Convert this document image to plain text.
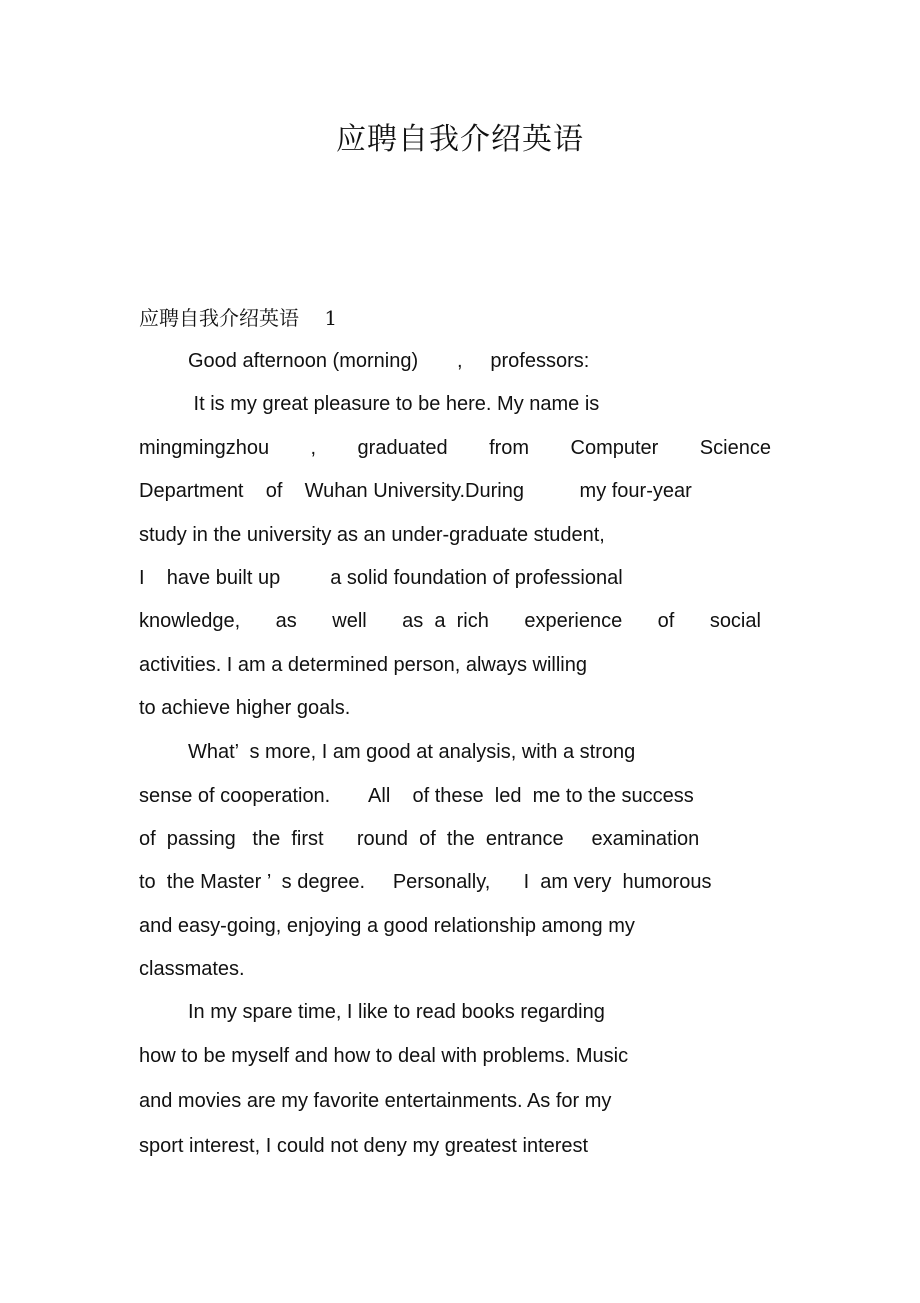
应聘自我介绍英语
应聘自我介绍英语    1
Good afternoon (morning)       ,     professors:
It is my great pleasure to be here. My name is
mingmingzhou , graduated from Computer Science
Department    of    Wuhan University.During          my four-year
study in the university as an under-graduate student,
I    have built up         a solid foundation of professional
knowledge, as well as  a  rich experience of social
activities. I am a determined person, always willing
to achieve higher goals.
What’  s more, I am good at analysis, with a strong
sense of cooperation.       All    of these  led  me to the success
of  passing   the  first      round  of  the  entrance     examination
to  the Master ’  s degree.     Personally,      I  am very  humorous
and easy-going, enjoying a good relationship among my
classmates.
In my spare time, I like to read books regarding
how to be myself and how to deal with problems. Music
and movies are my favorite entertainments. As for my
sport interest, I could not deny my greatest interest
